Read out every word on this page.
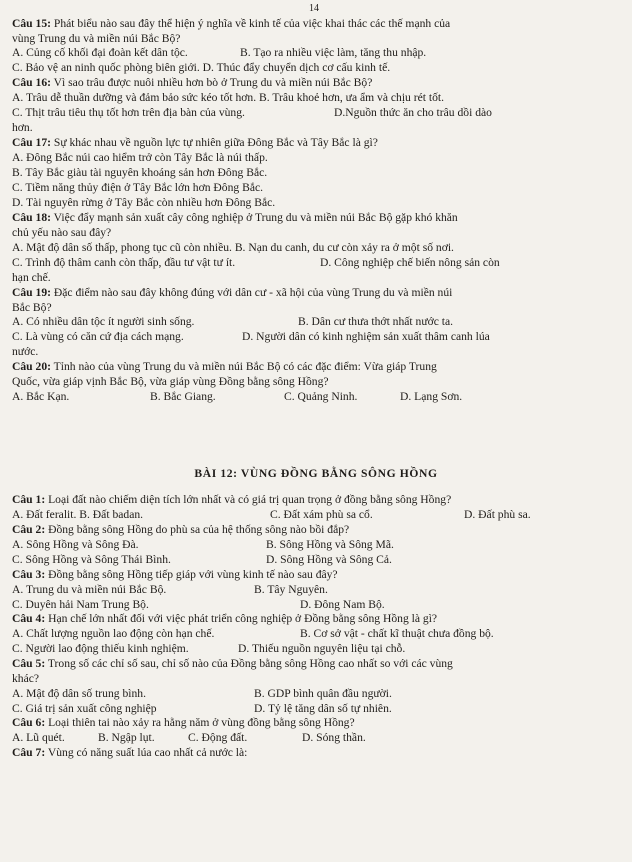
14
Câu 15: Phát biểu nào sau đây thể hiện ý nghĩa về kinh tế của việc khai thác các thế mạnh của
vùng Trung du và miền núi Bắc Bộ?
A. Củng cố khối đại đoàn kết dân tộc.	B. Tạo ra nhiều việc làm, tăng thu nhập.
C. Bảo vệ an ninh quốc phòng biên giới. D. Thúc đẩy chuyển dịch cơ cấu kinh tế.
Câu 16: Vì sao trâu được nuôi nhiều hơn bò ở Trung du và miền núi Bắc Bộ?
A. Trâu dễ thuần dưỡng và đảm bảo sức kéo tốt hơn. B. Trâu khoẻ hơn, ưa ẩm và chịu rét tốt.
C. Thịt trâu tiêu thụ tốt hơn trên địa bàn của vùng.	D.Nguồn thức ăn cho trâu dồi dào
hơn.
Câu 17: Sự khác nhau về nguồn lực tự nhiên giữa Đông Bắc và Tây Bắc là gì?
A. Đông Bắc núi cao hiểm trở còn Tây Bắc là núi thấp.
B. Tây Bắc giàu tài nguyên khoáng sản hơn Đông Bắc.
C. Tiềm năng thủy điện ở Tây Bắc lớn hơn Đông Bắc.
D. Tài nguyên rừng ở Tây Bắc còn nhiều hơn Đông Bắc.
Câu 18: Việc đẩy mạnh sản xuất cây công nghiệp ở Trung du và miền núi Bắc Bộ gặp khó khăn
chủ yếu nào sau đây?
A. Mật độ dân số thấp, phong tục cũ còn nhiều. B. Nạn du canh, du cư còn xảy ra ở một số nơi.
C. Trình độ thâm canh còn thấp, đầu tư vật tư ít.	D. Công nghiệp chế biến nông sản còn
hạn chế.
Câu 19: Đặc điểm nào sau đây không đúng với dân cư - xã hội của vùng Trung du và miền núi
Bắc Bộ?
A. Có nhiều dân tộc ít người sinh sống.	B. Dân cư thưa thớt nhất nước ta.
C. Là vùng có căn cứ địa cách mạng.	D. Người dân có kinh nghiệm sản xuất thâm canh lúa
nước.
Câu 20: Tỉnh nào của vùng Trung du và miền núi Bắc Bộ có các đặc điểm: Vừa giáp Trung
Quốc, vừa giáp vịnh Bắc Bộ, vừa giáp vùng Đồng bằng sông Hồng?
A. Bắc Kạn.	B. Bắc Giang.	C. Quảng Ninh.	D. Lạng Sơn.
BÀI 12: VÙNG ĐỒNG BẰNG SÔNG HỒNG
Câu 1: Loại đất nào chiếm diện tích lớn nhất và có giá trị quan trọng ở đồng bằng sông Hồng?
A. Đất feralit. B. Đất badan.	C. Đất xám phù sa cổ.	D. Đất phù sa.
Câu 2: Đồng bằng sông Hồng do phù sa của hệ thống sông nào bồi đắp?
A. Sông Hồng và Sông Đà.	B. Sông Hồng và Sông Mã.
C. Sông Hồng và Sông Thái Bình.	D. Sông Hồng và Sông Cả.
Câu 3: Đồng bằng sông Hồng tiếp giáp với vùng kinh tế nào sau đây?
A. Trung du và miền núi Bắc Bộ.	B. Tây Nguyên.
C. Duyên hải Nam Trung Bộ.	D. Đông Nam Bộ.
Câu 4: Hạn chế lớn nhất đối với việc phát triển công nghiệp ở Đồng bằng sông Hồng là gì?
A. Chất lượng nguồn lao động còn hạn chế.	B. Cơ sở vật - chất kĩ thuật chưa đồng bộ.
C. Người lao động thiếu kinh nghiệm.	D. Thiếu nguồn nguyên liệu tại chỗ.
Câu 5: Trong số các chỉ số sau, chỉ số nào của Đồng bằng sông Hồng cao nhất so với các vùng
khác?
A. Mật độ dân số trung bình.	B. GDP bình quân đầu người.
C. Giá trị sản xuất công nghiệp	D. Tỷ lệ tăng dân số tự nhiên.
Câu 6: Loại thiên tai nào xảy ra hằng năm ở vùng đồng bằng sông Hồng?
A. Lũ quét.	B. Ngập lụt.	C. Động đất.	D. Sóng thần.
Câu 7: Vùng có năng suất lúa cao nhất cả nước là:
